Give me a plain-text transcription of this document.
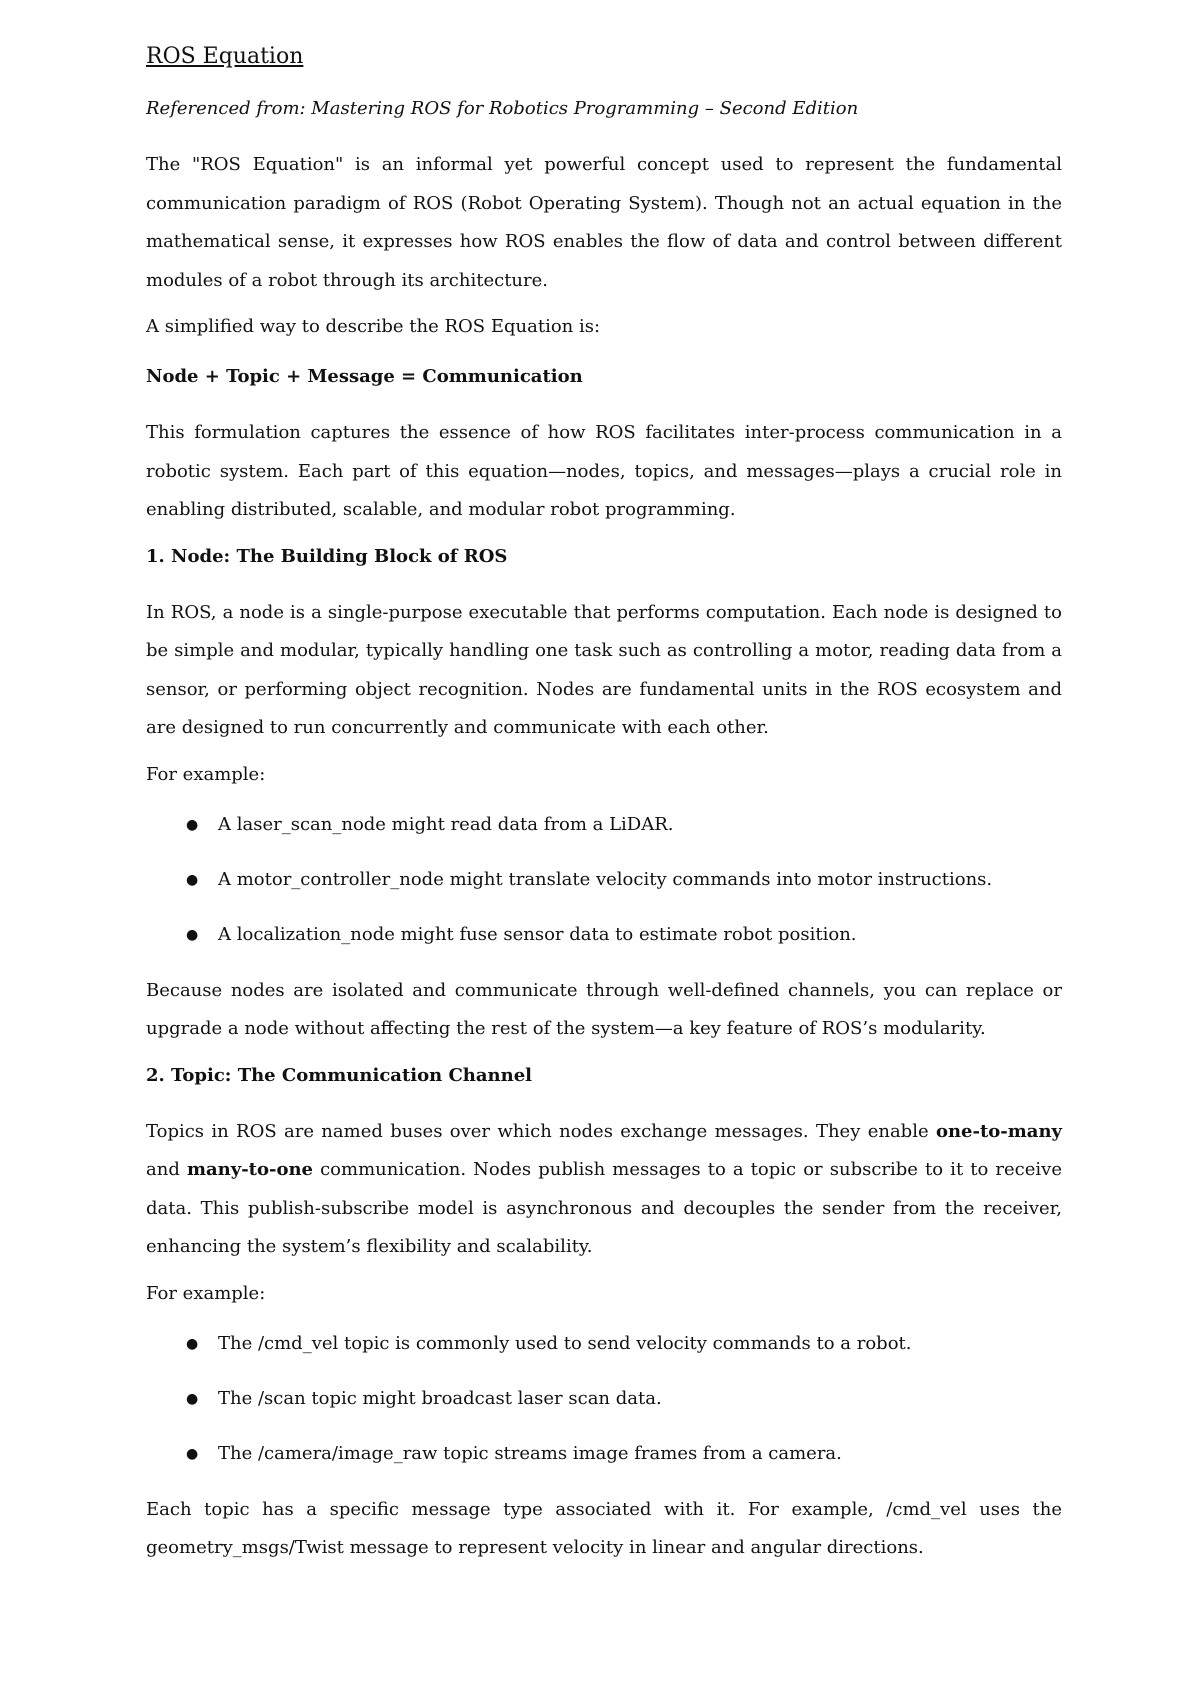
ROS Equation
Referenced from: Mastering ROS for Robotics Programming – Second Edition

The "ROS Equation" is an informal yet powerful concept used to represent the fundamental communication paradigm of ROS (Robot Operating System). Though not an actual equation in the mathematical sense, it expresses how ROS enables the flow of data and control between different modules of a robot through its architecture.

A simplified way to describe the ROS Equation is:

Node + Topic + Message = Communication

This formulation captures the essence of how ROS facilitates inter-process communication in a robotic system. Each part of this equation—nodes, topics, and messages—plays a crucial role in enabling distributed, scalable, and modular robot programming.

1. Node: The Building Block of ROS

In ROS, a node is a single-purpose executable that performs computation. Each node is designed to be simple and modular, typically handling one task such as controlling a motor, reading data from a sensor, or performing object recognition. Nodes are fundamental units in the ROS ecosystem and are designed to run concurrently and communicate with each other.

For example:

● A laser_scan_node might read data from a LiDAR.
● A motor_controller_node might translate velocity commands into motor instructions.
● A localization_node might fuse sensor data to estimate robot position.

Because nodes are isolated and communicate through well-defined channels, you can replace or upgrade a node without affecting the rest of the system—a key feature of ROS’s modularity.

2. Topic: The Communication Channel

Topics in ROS are named buses over which nodes exchange messages. They enable one-to-many and many-to-one communication. Nodes publish messages to a topic or subscribe to it to receive data. This publish-subscribe model is asynchronous and decouples the sender from the receiver, enhancing the system’s flexibility and scalability.

For example:

● The /cmd_vel topic is commonly used to send velocity commands to a robot.
● The /scan topic might broadcast laser scan data.
● The /camera/image_raw topic streams image frames from a camera.

Each topic has a specific message type associated with it. For example, /cmd_vel uses the geometry_msgs/Twist message to represent velocity in linear and angular directions.
